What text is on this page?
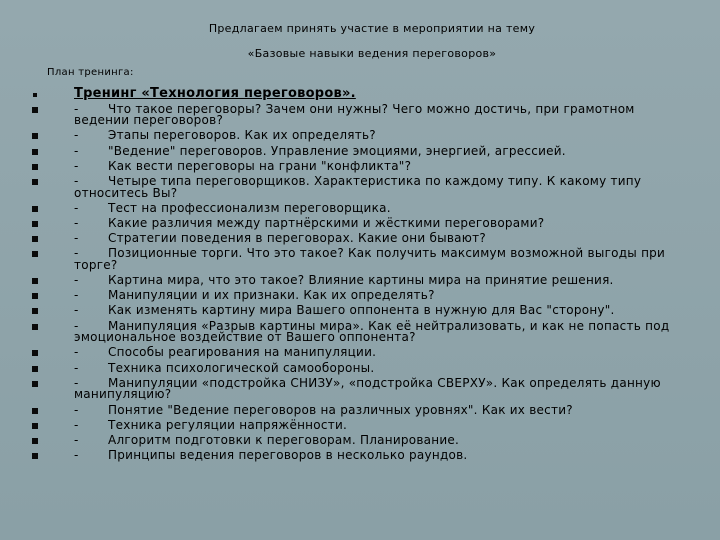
Предлагаем принять участие в мероприятии на тему
«Базовые навыки ведения переговоров»
План тренинга:
Тренинг «Технология переговоров».
- Что такое переговоры? Зачем они нужны? Чего можно достичь, при грамотном ведении переговоров?
- Этапы переговоров. Как их определять?
- "Ведение" переговоров. Управление эмоциями, энергией, агрессией.
- Как вести переговоры на грани "конфликта"?
- Четыре типа переговорщиков. Характеристика по каждому типу. К какому типу относитесь Вы?
- Тест на профессионализм переговорщика.
- Какие различия между партнёрскими и жёсткими переговорами?
- Стратегии поведения в переговорах. Какие они бывают?
- Позиционные торги. Что это такое? Как получить максимум возможной выгоды при торге?
- Картина мира, что это такое? Влияние картины мира на принятие решения.
- Манипуляции и их признаки. Как их определять?
- Как изменять картину мира Вашего оппонента в нужную для Вас "сторону".
- Манипуляция «Разрыв картины мира». Как её нейтрализовать, и как не попасть под эмоциональное воздействие от Вашего оппонента?
- Способы реагирования на манипуляции.
- Техника психологической самообороны.
- Манипуляции «подстройка СНИЗУ», «подстройка СВЕРХУ». Как определять данную манипуляцию?
- Понятие "Ведение переговоров на различных уровнях". Как их вести?
- Техника регуляции напряжённости.
- Алгоритм подготовки к переговорам. Планирование.
- Принципы ведения переговоров в несколько раундов.
